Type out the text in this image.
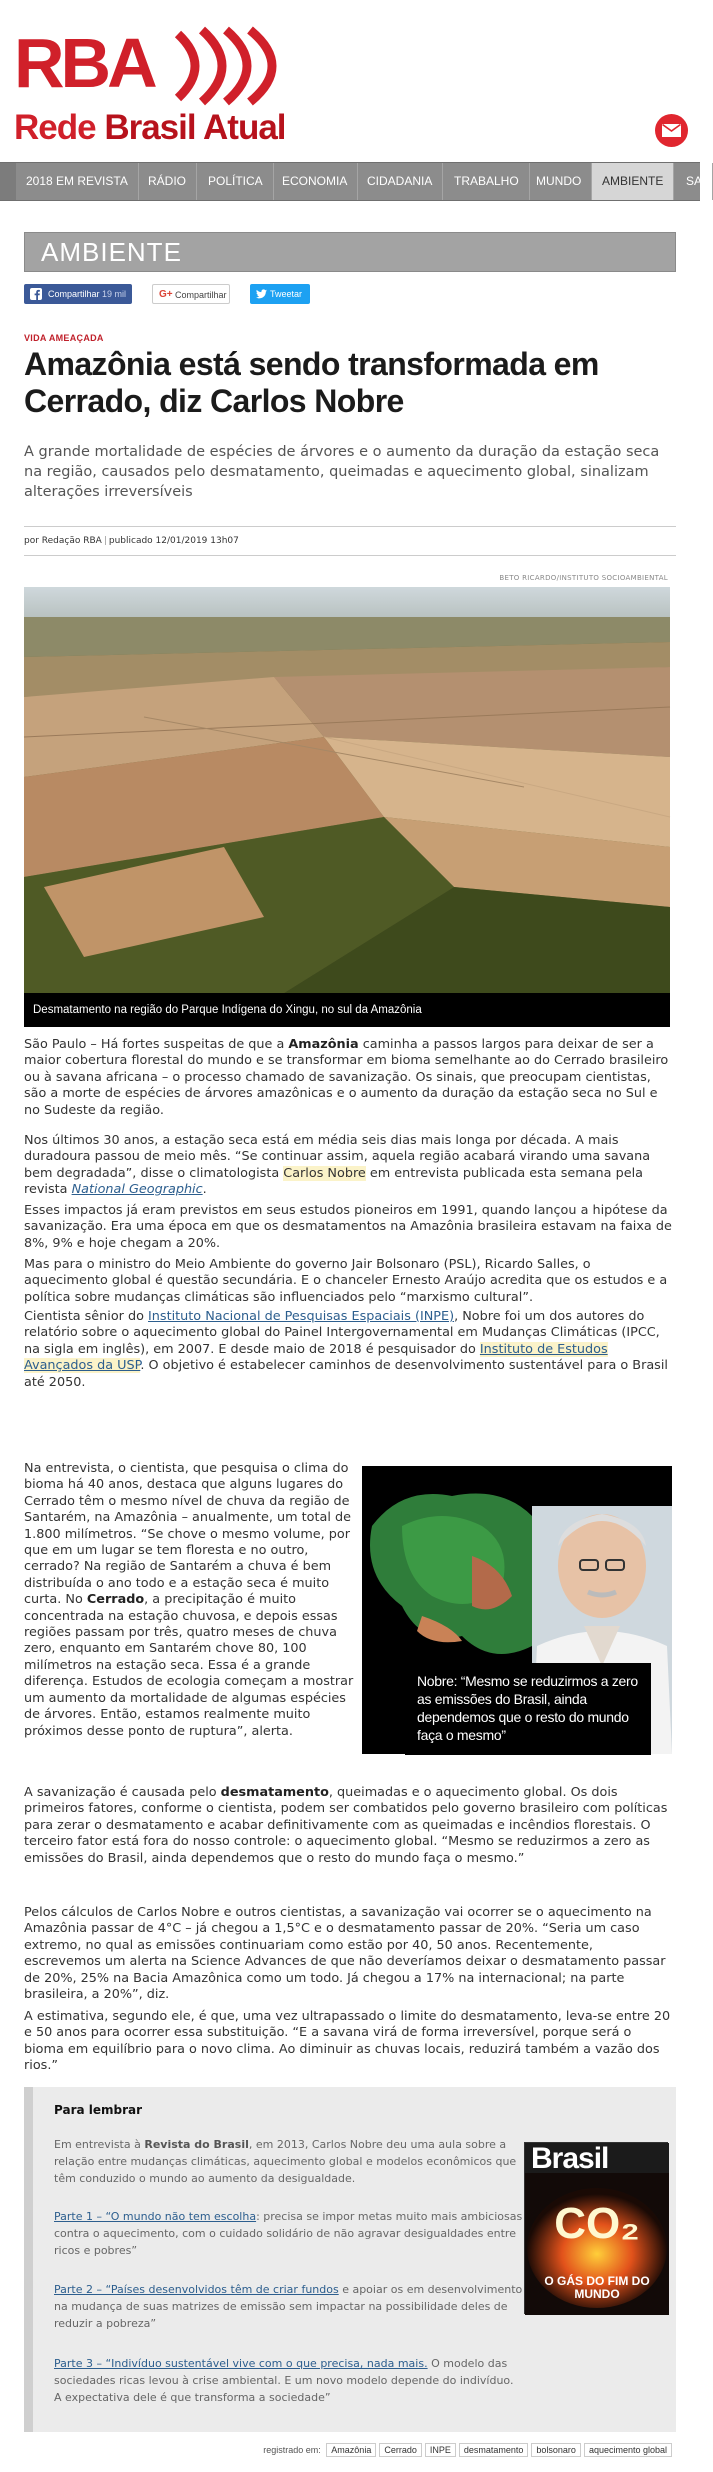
RBA
Rede Brasil Atual
2018 EM REVISTA	RÁDIO	POLÍTICA	ECONOMIA	CIDADANIA	TRABALHO	MUNDO	AMBIENTE	SA
AMBIENTE
Compartilhar 19 mil	G+ Compartilhar	Tweetar
VIDA AMEAÇADA
Amazônia está sendo transformada em Cerrado, diz Carlos Nobre
A grande mortalidade de espécies de árvores e o aumento da duração da estação seca na região, causados pelo desmatamento, queimadas e aquecimento global, sinalizam alterações irreversíveis
por Redação RBA | publicado 12/01/2019 13h07
BETO RICARDO/INSTITUTO SOCIOAMBIENTAL
Desmatamento na região do Parque Indígena do Xingu, no sul da Amazônia

São Paulo – Há fortes suspeitas de que a Amazônia caminha a passos largos para deixar de ser a maior cobertura florestal do mundo e se transformar em bioma semelhante ao do Cerrado brasileiro ou à savana africana – o processo chamado de savanização. Os sinais, que preocupam cientistas, são a morte de espécies de árvores amazônicas e o aumento da duração da estação seca no Sul e no Sudeste da região.

Nos últimos 30 anos, a estação seca está em média seis dias mais longa por década. A mais duradoura passou de meio mês. “Se continuar assim, aquela região acabará virando uma savana bem degradada”, disse o climatologista Carlos Nobre em entrevista publicada esta semana pela revista National Geographic.

Esses impactos já eram previstos em seus estudos pioneiros em 1991, quando lançou a hipótese da savanização. Era uma época em que os desmatamentos na Amazônia brasileira estavam na faixa de 8%, 9% e hoje chegam a 20%.

Mas para o ministro do Meio Ambiente do governo Jair Bolsonaro (PSL), Ricardo Salles, o aquecimento global é questão secundária. E o chanceler Ernesto Araújo acredita que os estudos e a política sobre mudanças climáticas são influenciados pelo “marxismo cultural”.

Cientista sênior do Instituto Nacional de Pesquisas Espaciais (INPE), Nobre foi um dos autores do relatório sobre o aquecimento global do Painel Intergovernamental em Mudanças Climáticas (IPCC, na sigla em inglês), em 2007. E desde maio de 2018 é pesquisador do Instituto de Estudos Avançados da USP. O objetivo é estabelecer caminhos de desenvolvimento sustentável para o Brasil até 2050.

Na entrevista, o cientista, que pesquisa o clima do bioma há 40 anos, destaca que alguns lugares do Cerrado têm o mesmo nível de chuva da região de Santarém, na Amazônia – anualmente, um total de 1.800 milímetros. “Se chove o mesmo volume, por que em um lugar se tem floresta e no outro, cerrado? Na região de Santarém a chuva é bem distribuída o ano todo e a estação seca é muito curta. No Cerrado, a precipitação é muito concentrada na estação chuvosa, e depois essas regiões passam por três, quatro meses de chuva zero, enquanto em Santarém chove 80, 100 milímetros na estação seca. Essa é a grande diferença. Estudos de ecologia começam a mostrar um aumento da mortalidade de algumas espécies de árvores. Então, estamos realmente muito próximos desse ponto de ruptura”, alerta.

Nobre: “Mesmo se reduzirmos a zero as emissões do Brasil, ainda dependemos que o resto do mundo faça o mesmo”

A savanização é causada pelo desmatamento, queimadas e o aquecimento global. Os dois primeiros fatores, conforme o cientista, podem ser combatidos pelo governo brasileiro com políticas para zerar o desmatamento e acabar definitivamente com as queimadas e incêndios florestais. O terceiro fator está fora do nosso controle: o aquecimento global. “Mesmo se reduzirmos a zero as emissões do Brasil, ainda dependemos que o resto do mundo faça o mesmo.”

Pelos cálculos de Carlos Nobre e outros cientistas, a savanização vai ocorrer se o aquecimento na Amazônia passar de 4°C – já chegou a 1,5°C e o desmatamento passar de 20%. “Seria um caso extremo, no qual as emissões continuariam como estão por 40, 50 anos. Recentemente, escrevemos um alerta na Science Advances de que não deveríamos deixar o desmatamento passar de 20%, 25% na Bacia Amazônica como um todo. Já chegou a 17% na internacional; na parte brasileira, a 20%”, diz.

A estimativa, segundo ele, é que, uma vez ultrapassado o limite do desmatamento, leva-se entre 20 e 50 anos para ocorrer essa substituição. “E a savana virá de forma irreversível, porque será o bioma em equilíbrio para o novo clima. Ao diminuir as chuvas locais, reduzirá também a vazão dos rios.”

Para lembrar

Em entrevista à Revista do Brasil, em 2013, Carlos Nobre deu uma aula sobre a relação entre mudanças climáticas, aquecimento global e modelos econômicos que têm conduzido o mundo ao aumento da desigualdade.

Parte 1 – “O mundo não tem escolha: precisa se impor metas muito mais ambiciosas contra o aquecimento, com o cuidado solidário de não agravar desigualdades entre ricos e pobres”

Parte 2 – “Países desenvolvidos têm de criar fundos e apoiar os em desenvolvimento na mudança de suas matrizes de emissão sem impactar na possibilidade deles de reduzir a pobreza”

Parte 3 – “Indivíduo sustentável vive com o que precisa, nada mais. O modelo das sociedades ricas levou à crise ambiental. E um novo modelo depende do indivíduo. A expectativa dele é que transforma a sociedade”

Brasil
CO₂
O GÁS DO FIM DO MUNDO
registrado em: Amazônia Cerrado INPE desmatamento bolsonaro aquecimento global
